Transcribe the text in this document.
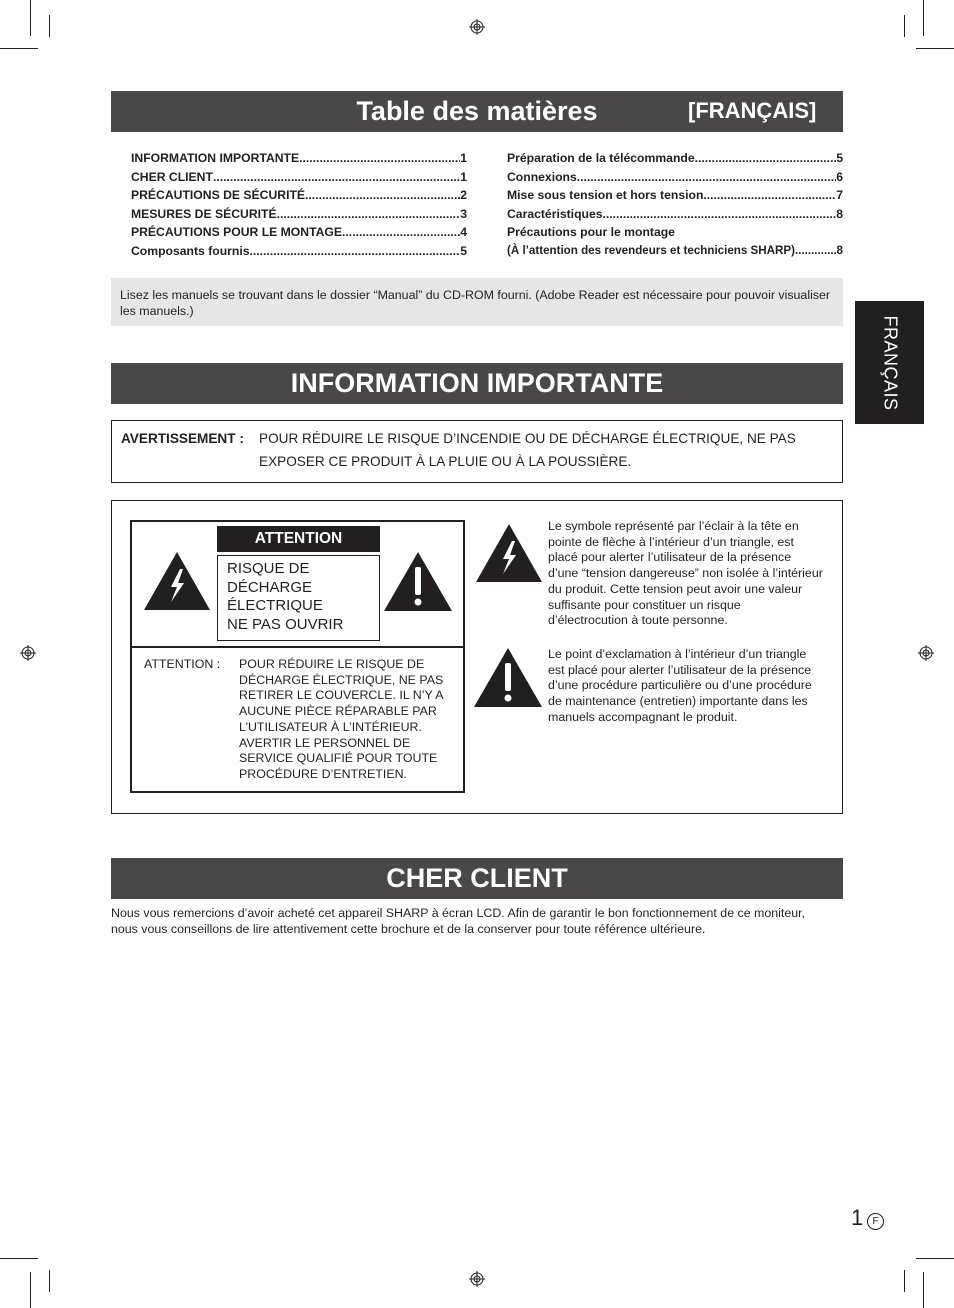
Table des matières	[FRANÇAIS]
INFORMATION IMPORTANTE .....	1
CHER CLIENT .....	1
PRÉCAUTIONS DE SÉCURITÉ .....	2
MESURES DE SÉCURITÉ .....	3
PRÉCAUTIONS POUR LE MONTAGE .....	4
Composants fournis .....	5
Préparation de la télécommande .....	5
Connexions .....	6
Mise sous tension et hors tension .....	7
Caractéristiques .....	8
Précautions pour le montage
(À l’attention des revendeurs et techniciens SHARP) .....	8
Lisez les manuels se trouvant dans le dossier “Manual” du CD-ROM fourni. (Adobe Reader est nécessaire pour pouvoir visualiser les manuels.)
FRANÇAIS
INFORMATION IMPORTANTE
AVERTISSEMENT : POUR RÉDUIRE LE RISQUE D’INCENDIE OU DE DÉCHARGE ÉLECTRIQUE, NE PAS
EXPOSER CE PRODUIT À LA PLUIE OU À LA POUSSIÈRE.
ATTENTION
RISQUE DE
DÉCHARGE
ÉLECTRIQUE
NE PAS OUVRIR
ATTENTION : POUR RÉDUIRE LE RISQUE DE
DÉCHARGE ÉLECTRIQUE, NE PAS
RETIRER LE COUVERCLE. IL N’Y A
AUCUNE PIÈCE RÉPARABLE PAR
L’UTILISATEUR À L’INTÉRIEUR.
AVERTIR LE PERSONNEL DE
SERVICE QUALIFIÉ POUR TOUTE
PROCÉDURE D’ENTRETIEN.
Le symbole représenté par l’éclair à la tête en
pointe de flèche à l’intérieur d’un triangle, est
placé pour alerter l’utilisateur de la présence
d’une “tension dangereuse” non isolée à l’intérieur
du produit. Cette tension peut avoir une valeur
suffisante pour constituer un risque
d’électrocution à toute personne.
Le point d’exclamation à l’intérieur d’un triangle
est placé pour alerter l’utilisateur de la présence
d’une procédure particulière ou d’une procédure
de maintenance (entretien) importante dans les
manuels accompagnant le produit.
CHER CLIENT
Nous vous remercions d’avoir acheté cet appareil SHARP à écran LCD. Afin de garantir le bon fonctionnement de ce moniteur,
nous vous conseillons de lire attentivement cette brochure et de la conserver pour toute référence ultérieure.
1 F
